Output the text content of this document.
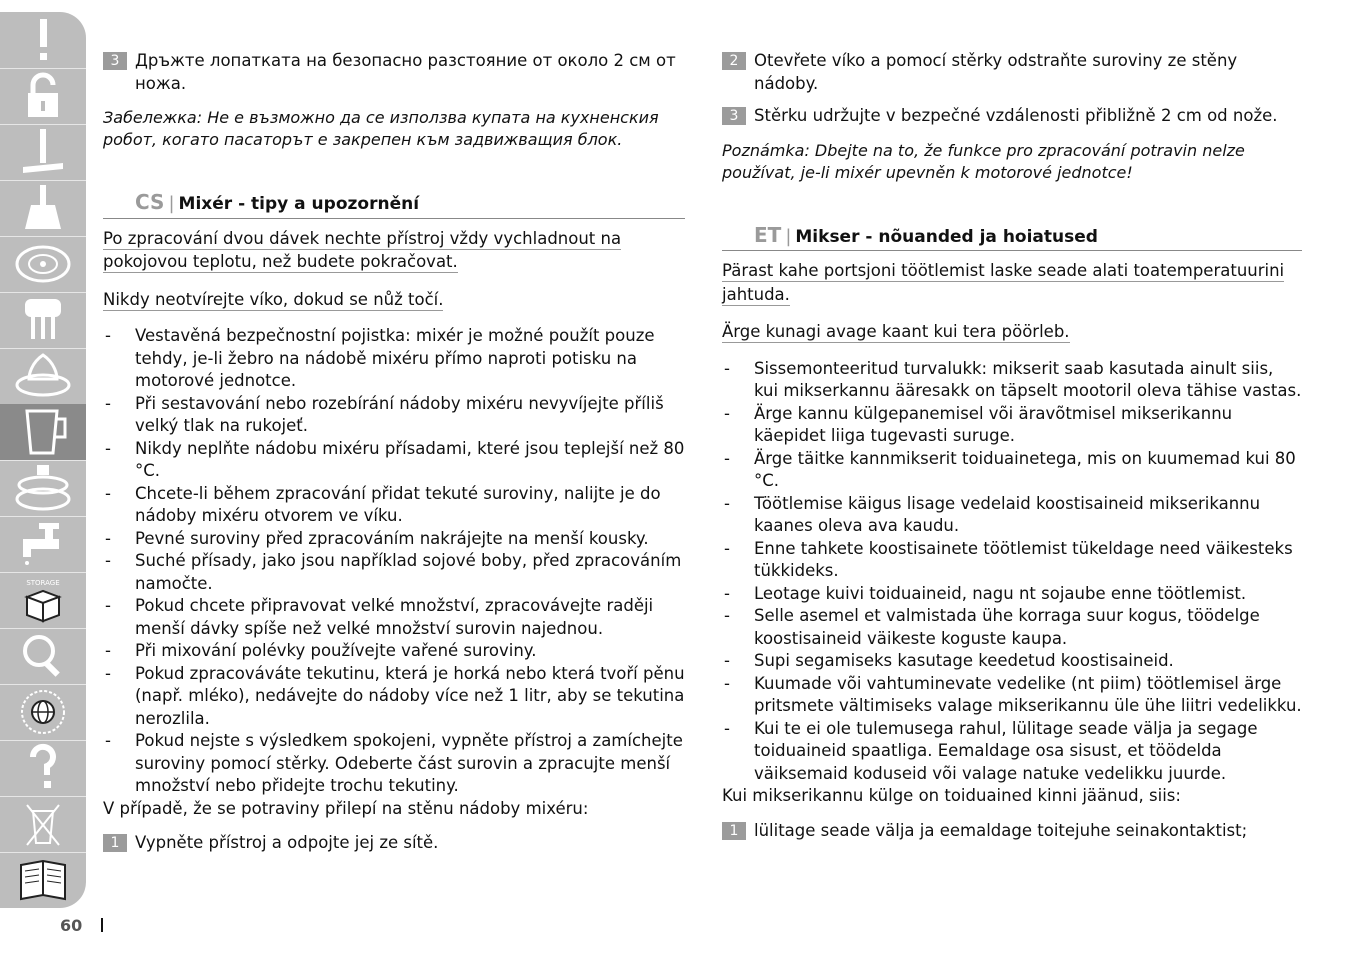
STORAGE
60
3 Дръжте лопатката на безопасно разстояние от около 2 см от ножа.

Забележка: Не е възможно да се използва купата на кухненския робот, когато пасаторът е закрепен към задвижващия блок.

CS | Mixér - tipy a upozornění
Po zpracování dvou dávek nechte přístroj vždy vychladnout na pokojovou teplotu, než budete pokračovat.
Nikdy neotvírejte víko, dokud se nůž točí.
- Vestavěná bezpečnostní pojistka: mixér je možné použít pouze tehdy, je-li žebro na nádobě mixéru přímo naproti potisku na motorové jednotce.
- Při sestavování nebo rozebírání nádoby mixéru nevyvíjejte příliš velký tlak na rukojeť.
- Nikdy neplňte nádobu mixéru přísadami, které jsou teplejší než 80 °C.
- Chcete-li během zpracování přidat tekuté suroviny, nalijte je do nádoby mixéru otvorem ve víku.
- Pevné suroviny před zpracováním nakrájejte na menší kousky.
- Suché přísady, jako jsou například sojové boby, před zpracováním namočte.
- Pokud chcete připravovat velké množství, zpracovávejte raději menší dávky spíše než velké množství surovin najednou.
- Při mixování polévky používejte vařené suroviny.
- Pokud zpracováváte tekutinu, která je horká nebo která tvoří pěnu (např. mléko), nedávejte do nádoby více než 1 litr, aby se tekutina nerozlila.
- Pokud nejste s výsledkem spokojeni, vypněte přístroj a zamíchejte suroviny pomocí stěrky. Odeberte část surovin a zpracujte menší množství nebo přidejte trochu tekutiny.

V případě, že se potraviny přilepí na stěnu nádoby mixéru:

1 Vypněte přístroj a odpojte jej ze sítě.
2 Otevřete víko a pomocí stěrky odstraňte suroviny ze stěny nádoby.
3 Stěrku udržujte v bezpečné vzdálenosti přibližně 2 cm od nože.

Poznámka: Dbejte na to, že funkce pro zpracování potravin nelze používat, je-li mixér upevněn k motorové jednotce!

ET | Mikser - nõuanded ja hoiatused
Pärast kahe portsjoni töötlemist laske seade alati toatemperatuurini jahtuda.
Ärge kunagi avage kaant kui tera pöörleb.
- Sissemonteeritud turvalukk: mikserit saab kasutada ainult siis, kui mikserkannu ääresakk on täpselt mootoril oleva tähise vastas.
- Ärge kannu külgepanemisel või äravõtmisel mikserikannu käepidet liiga tugevasti suruge.
- Ärge täitke kannmikserit toiduainetega, mis on kuumemad kui 80 °C.
- Töötlemise käigus lisage vedelaid koostisaineid mikserikannu kaanes oleva ava kaudu.
- Enne tahkete koostisainete töötlemist tükeldage need väikesteks tükkideks.
- Leotage kuivi toiduaineid, nagu nt sojaube enne töötlemist.
- Selle asemel et valmistada ühe korraga suur kogus, töödelge koostisaineid väikeste koguste kaupa.
- Supi segamiseks kasutage keedetud koostisaineid.
- Kuumade või vahtuminevate vedelike (nt piim) töötlemisel ärge pritsmete vältimiseks valage mikserikannu üle ühe liitri vedelikku.
- Kui te ei ole tulemusega rahul, lülitage seade välja ja segage toiduaineid spaatliga. Eemaldage osa sisust, et töödelda väiksemaid koduseid või valage natuke vedelikku juurde.

Kui mikserikannu külge on toiduained kinni jäänud, siis:

1 lülitage seade välja ja eemaldage toitejuhe seinakontaktist;
